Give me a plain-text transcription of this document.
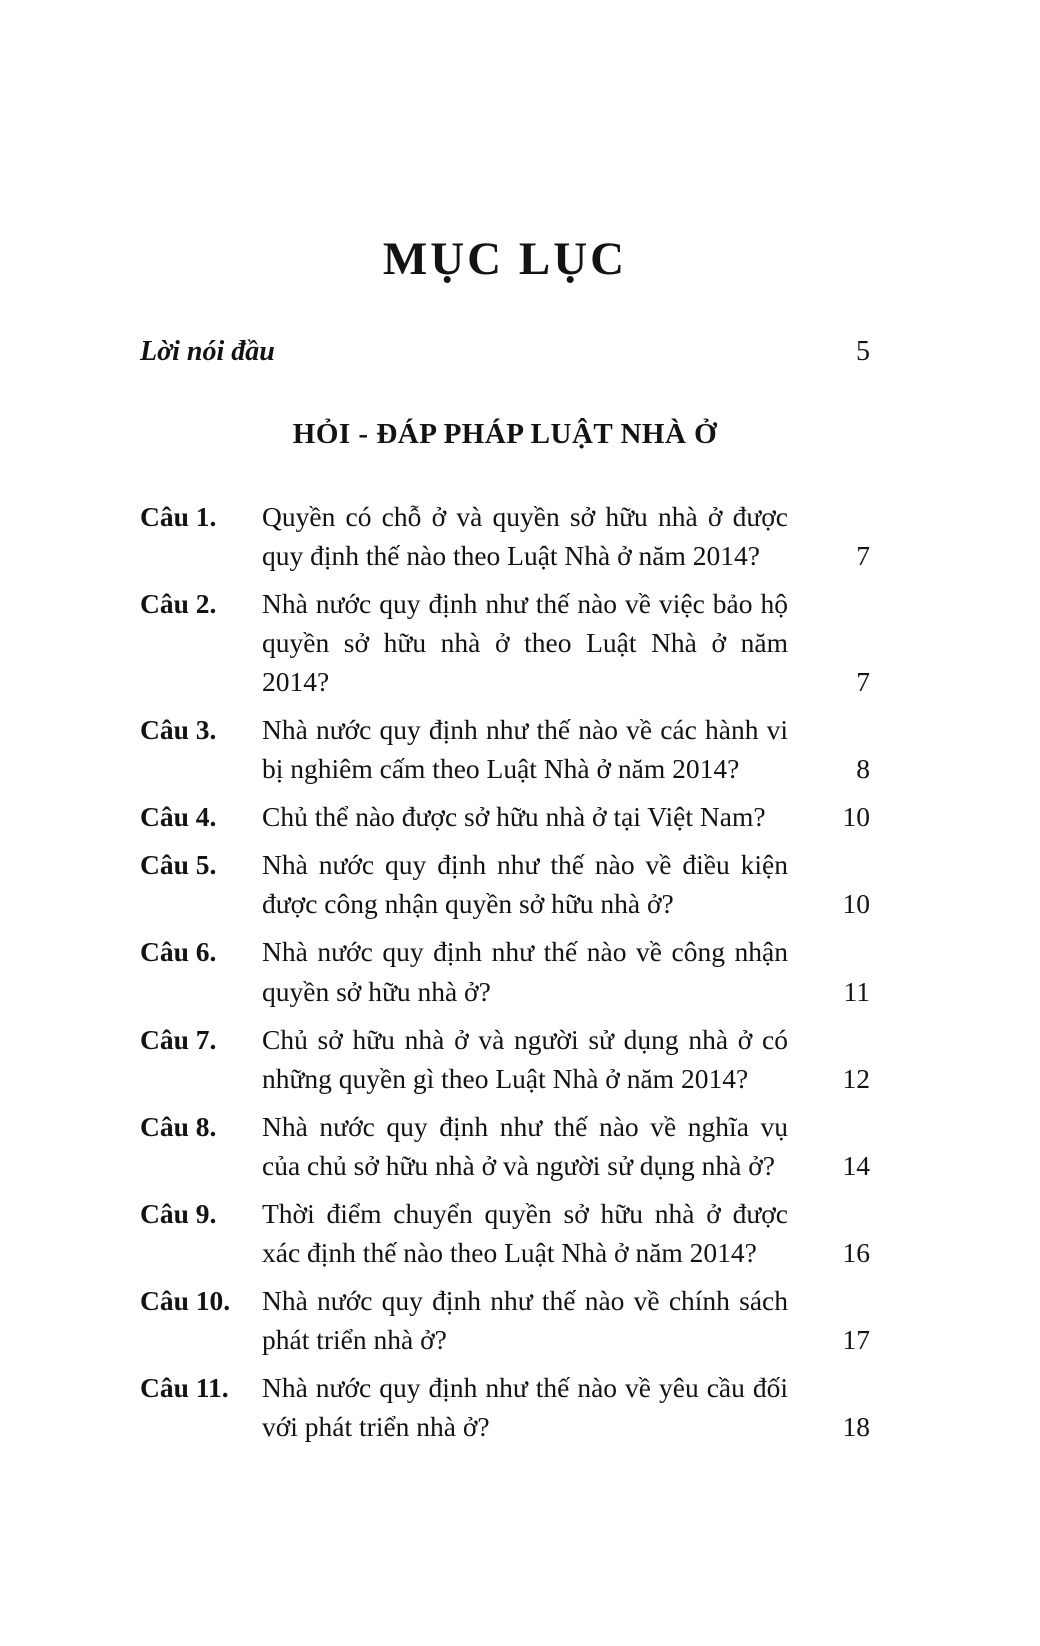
MỤC LỤC
Lời nói đầu	5
HỎI - ĐÁP PHÁP LUẬT NHÀ Ở
Câu 1.	Quyền có chỗ ở và quyền sở hữu nhà ở được quy định thế nào theo Luật Nhà ở năm 2014?	7
Câu 2.	Nhà nước quy định như thế nào về việc bảo hộ quyền sở hữu nhà ở theo Luật Nhà ở năm 2014?	7
Câu 3.	Nhà nước quy định như thế nào về các hành vi bị nghiêm cấm theo Luật Nhà ở năm 2014?	8
Câu 4.	Chủ thể nào được sở hữu nhà ở tại Việt Nam?	10
Câu 5.	Nhà nước quy định như thế nào về điều kiện được công nhận quyền sở hữu nhà ở?	10
Câu 6.	Nhà nước quy định như thế nào về công nhận quyền sở hữu nhà ở?	11
Câu 7.	Chủ sở hữu nhà ở và người sử dụng nhà ở có những quyền gì theo Luật Nhà ở năm 2014?	12
Câu 8.	Nhà nước quy định như thế nào về nghĩa vụ của chủ sở hữu nhà ở và người sử dụng nhà ở?	14
Câu 9.	Thời điểm chuyển quyền sở hữu nhà ở được xác định thế nào theo Luật Nhà ở năm 2014?	16
Câu 10.	Nhà nước quy định như thế nào về chính sách phát triển nhà ở?	17
Câu 11.	Nhà nước quy định như thế nào về yêu cầu đối với phát triển nhà ở?	18
